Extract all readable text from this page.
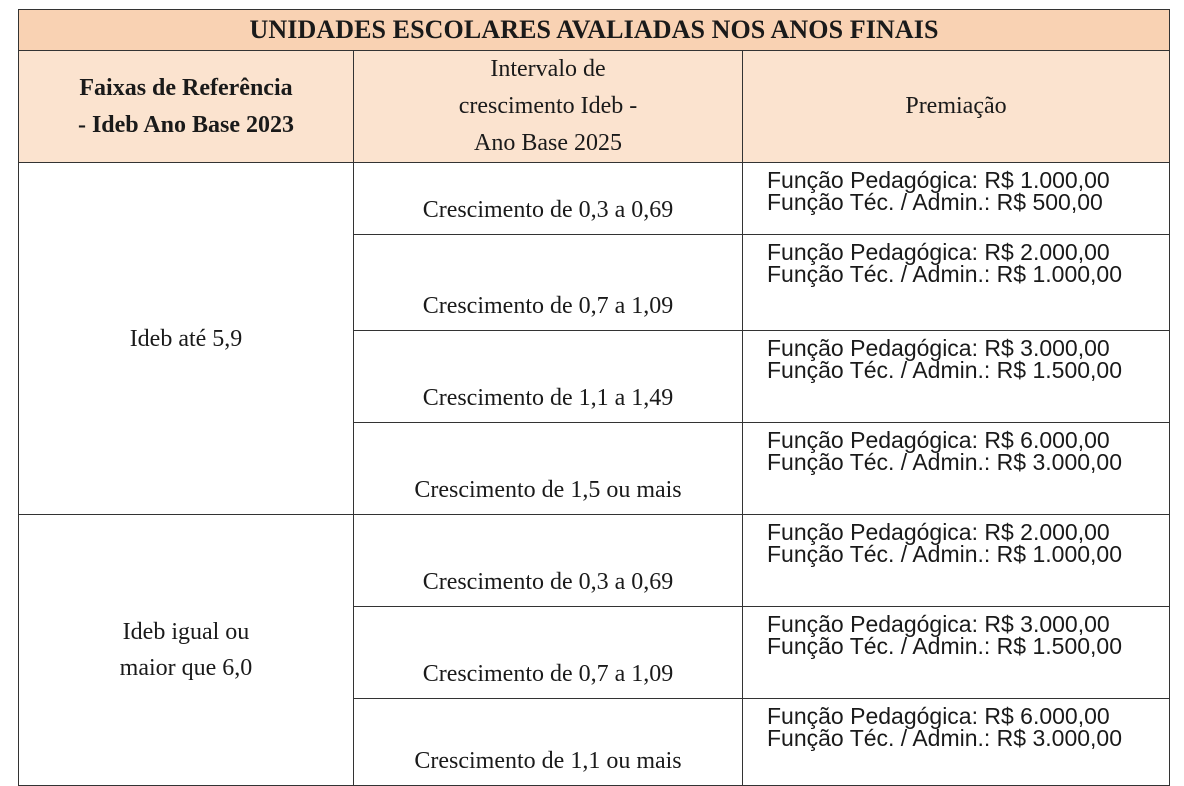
UNIDADES ESCOLARES AVALIADAS NOS ANOS FINAIS		
Faixas de Referência
- Ideb Ano Base 2023	Intervalo de
crescimento Ideb -
Ano Base 2025	Premiação
Ideb até 5,9	Crescimento de 0,3 a 0,69	Função Pedagógica: R$ 1.000,00
Função Téc. / Admin.: R$ 500,00

	Crescimento de 0,7 a 1,09	Função Pedagógica: R$ 2.000,00
Função Téc. / Admin.: R$ 1.000,00

	Crescimento de 1,1 a 1,49	Função Pedagógica: R$ 3.000,00
Função Téc. / Admin.: R$ 1.500,00

	Crescimento de 1,5 ou mais	Função Pedagógica: R$ 6.000,00
Função Téc. / Admin.: R$ 3.000,00

Ideb igual ou
maior que 6,0	Crescimento de 0,3 a 0,69	Função Pedagógica: R$ 2.000,00
Função Téc. / Admin.: R$ 1.000,00

	Crescimento de 0,7 a 1,09	Função Pedagógica: R$ 3.000,00
Função Téc. / Admin.: R$ 1.500,00

	Crescimento de 1,1 ou mais	Função Pedagógica: R$ 6.000,00
Função Téc. / Admin.: R$ 3.000,00
